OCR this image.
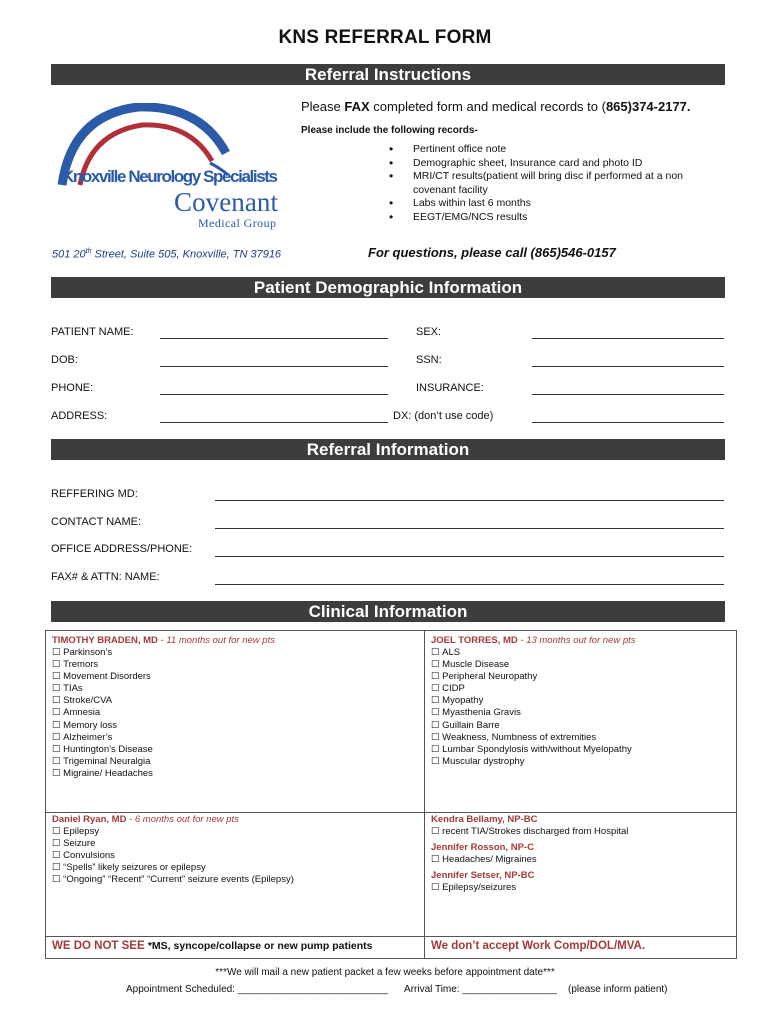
KNS REFERRAL FORM
Referral Instructions
Knoxville Neurology Specialists
Covenant
Medical Group
Please FAX completed form and medical records to (865)374-2177.
Please include the following records-
• Pertinent office note
• Demographic sheet, Insurance card and photo ID
• MRI/CT results(patient will bring disc if performed at a non covenant facility
• Labs within last 6 months
• EEGT/EMG/NCS results
501 20th Street, Suite 505, Knoxville, TN 37916	For questions, please call (865)546-0157
Patient Demographic Information
PATIENT NAME:	SEX:
DOB:	SSN:
PHONE:	INSURANCE:
ADDRESS:	DX: (don’t use code)
Referral Information
REFFERING MD:
CONTACT NAME:
OFFICE ADDRESS/PHONE:
FAX# & ATTN: NAME:
Clinical Information
TIMOTHY BRADEN, MD - 11 months out for new pts
☐ Parkinson’s
☐ Tremors
☐ Movement Disorders
☐ TIAs
☐ Stroke/CVA
☐ Amnesia
☐ Memory loss
☐ Alzheimer’s
☐ Huntington’s Disease
☐ Trigeminal Neuralgia
☐ Migraine/ Headaches
JOEL TORRES, MD - 13 months out for new pts
☐ ALS
☐ Muscle Disease
☐ Peripheral Neuropathy
☐ CIDP
☐ Myopathy
☐ Myasthenia Gravis
☐ Guillain Barre
☐ Weakness, Numbness of extremities
☐ Lumbar Spondylosis with/without Myelopathy
☐ Muscular dystrophy
Daniel Ryan, MD - 6 months out for new pts
☐ Epilepsy
☐ Seizure
☐ Convulsions
☐ “Spells” likely seizures or epilepsy
☐ “Ongoing” “Recent” “Current” seizure events (Epilepsy)
Kendra Bellamy, NP-BC
☐ recent TIA/Strokes discharged from Hospital
Jennifer Rosson, NP-C
☐ Headaches/ Migraines
Jennifer Setser, NP-BC
☐ Epilepsy/seizures
WE DO NOT SEE *MS, syncope/collapse or new pump patients	We don’t accept Work Comp/DOL/MVA.
***We will mail a new patient packet a few weeks before appointment date***
Appointment Scheduled: ___________________________      Arrival Time: _________________    (please inform patient)
